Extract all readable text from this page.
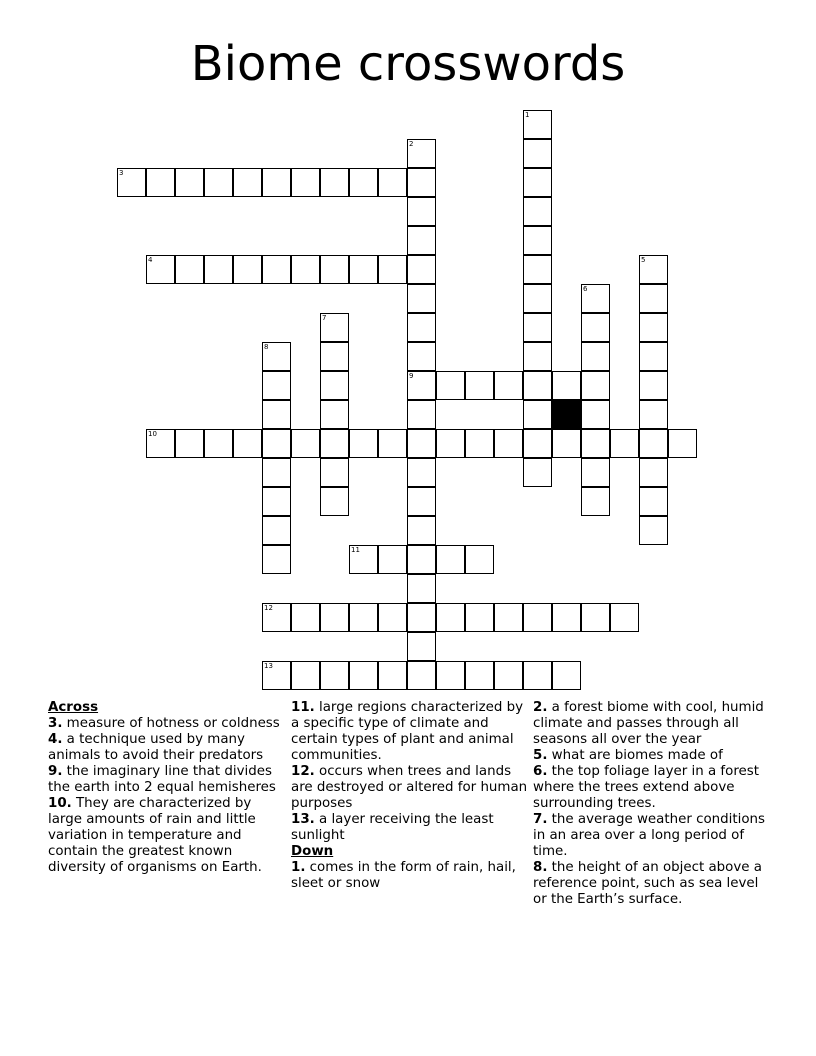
Biome crosswords
3
4
9
10
11
12
13
1
2
5
6
7
8
Across
3. measure of hotness or coldness
4. a technique used by many animals to avoid their predators
9. the imaginary line that divides the earth into 2 equal hemisheres
10. They are characterized by large amounts of rain and little variation in temperature and contain the greatest known diversity of organisms on Earth.
11. large regions characterized by a specific type of climate and certain types of plant and animal communities.
12. occurs when trees and lands are destroyed or altered for human purposes
13. a layer receiving the least sunlight
Down
1. comes in the form of rain, hail, sleet or snow
2. a forest biome with cool, humid climate and passes through all seasons all over the year
5. what are biomes made of
6. the top foliage layer in a forest where the trees extend above surrounding trees.
7. the average weather conditions in an area over a long period of time.
8. the height of an object above a reference point, such as sea level or the Earth’s surface.
